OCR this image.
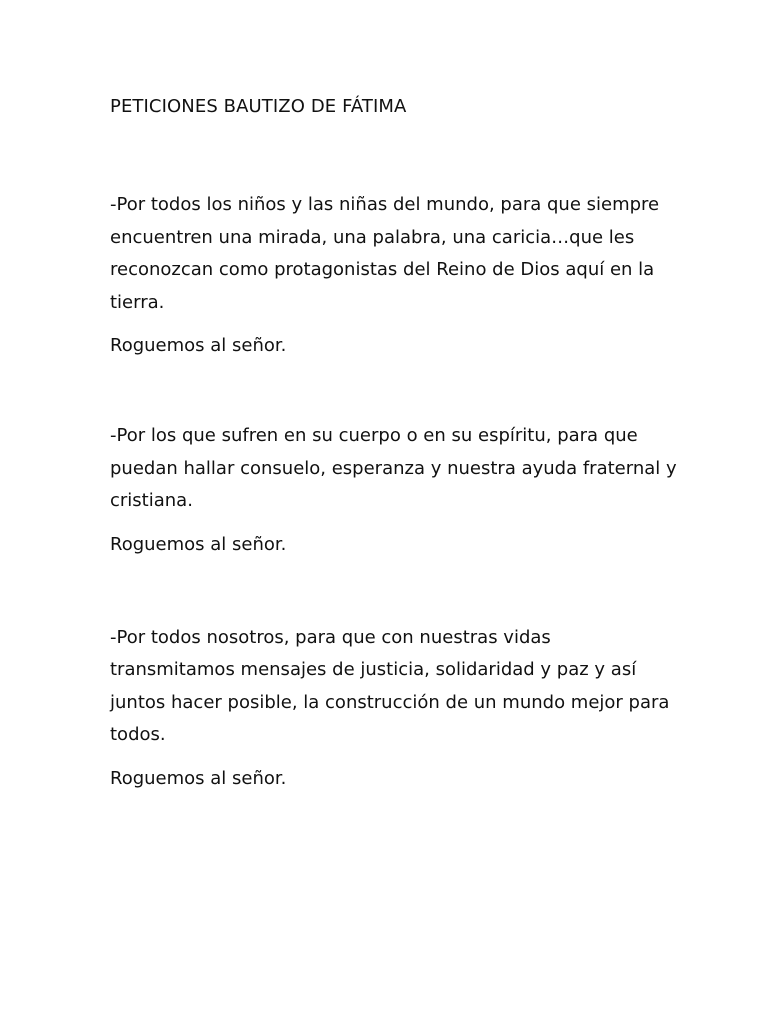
PETICIONES BAUTIZO DE FÁTIMA

-Por todos los niños y las niñas del mundo, para que siempre encuentren una mirada, una palabra, una caricia…que les reconozcan como protagonistas del Reino de Dios aquí en la tierra.

Roguemos al señor.

-Por los que sufren en su cuerpo o en su espíritu, para que puedan hallar consuelo, esperanza y nuestra ayuda fraternal y cristiana.

Roguemos al señor.

-Por todos nosotros, para que con nuestras vidas transmitamos mensajes de justicia, solidaridad y paz y así juntos hacer posible, la construcción de un mundo mejor para todos.

Roguemos al señor.
